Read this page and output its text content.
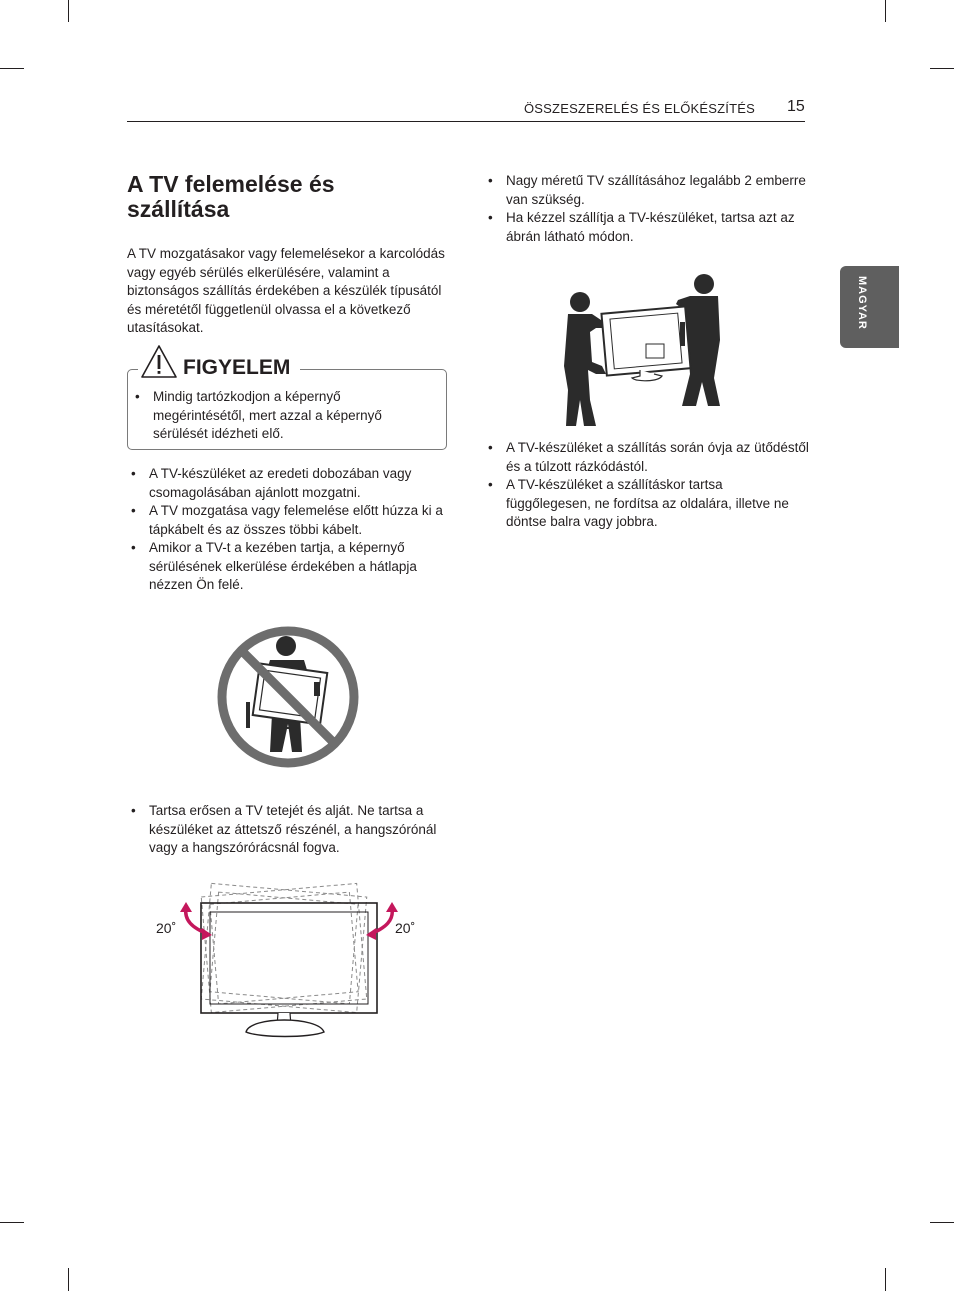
ÖSSZESZERELÉS ÉS ELŐKÉSZÍTÉS	15
MAGYAR
A TV felemelése és szállítása
A TV mozgatásakor vagy felemelésekor a karcolódás vagy egyéb sérülés elkerülésére, valamint a biztonságos szállítás érdekében a készülék típusától és méretétől függetlenül olvassa el a következő utasításokat.
FIGYELEM
• Mindig tartózkodjon a képernyő megérintésétől, mert azzal a képernyő sérülését idézheti elő.
• A TV-készüléket az eredeti dobozában vagy csomagolásában ajánlott mozgatni.
• A TV mozgatása vagy felemelése előtt húzza ki a tápkábelt és az összes többi kábelt.
• Amikor a TV-t a kezében tartja, a képernyő sérülésének elkerülése érdekében a hátlapja nézzen Ön felé.
• Tartsa erősen a TV tetejét és alját. Ne tartsa a készüléket az áttetsző részénél, a hangszórónál vagy a hangszórórácsnál fogva.
20˚	20˚
• Nagy méretű TV szállításához legalább 2 emberre van szükség.
• Ha kézzel szállítja a TV-készüléket, tartsa azt az ábrán látható módon.
• A TV-készüléket a szállítás során óvja az ütődéstől és a túlzott rázkódástól.
• A TV-készüléket a szállításkor tartsa függőlegesen, ne fordítsa az oldalára, illetve ne döntse balra vagy jobbra.
